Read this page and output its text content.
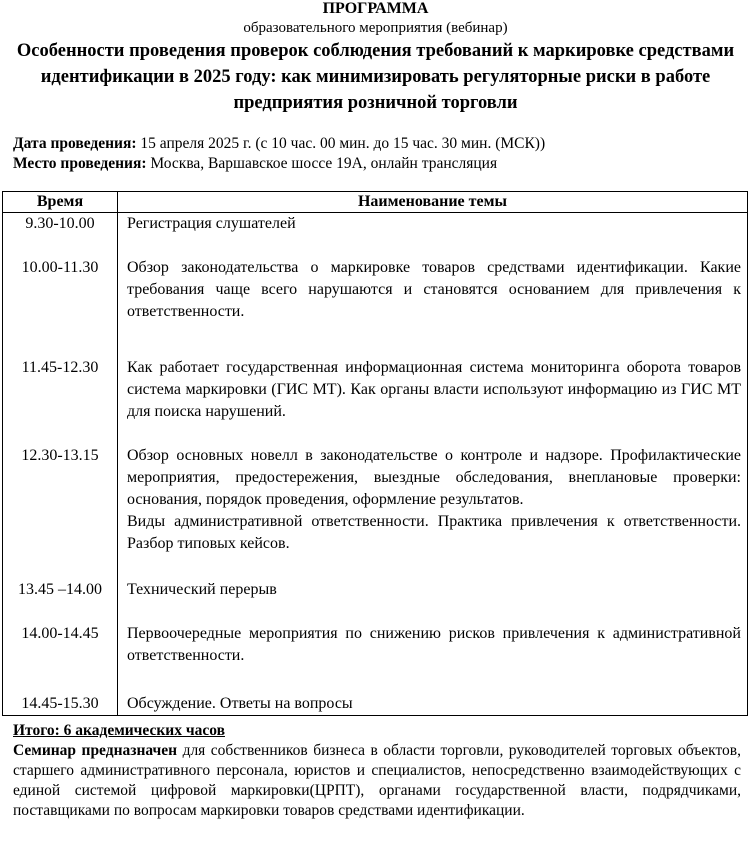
ПРОГРАММА
образовательного мероприятия (вебинар)
Особенности проведения проверок соблюдения требований к маркировке средствами идентификации в 2025 году: как минимизировать регуляторные риски в работе предприятия розничной торговли
Дата проведения: 15 апреля 2025 г. (с 10 час. 00 мин. до 15 час. 30 мин. (МСК))
Место проведения: Москва, Варшавское шоссе 19А, онлайн трансляция
Время	Наименование темы
9.30-10.00	Регистрация слушателей

10.00-11.30	Обзор законодательства о маркировке товаров средствами идентификации. Какие требования чаще всего нарушаются и становятся основанием для привлечения к ответственности.

11.45-12.30	Как работает государственная информационная система мониторинга оборота товаров система маркировки (ГИС МТ). Как органы власти используют информацию из ГИС МТ для поиска нарушений.

12.30-13.15	Обзор основных новелл в законодательстве о контроле и надзоре. Профилактические мероприятия, предостережения, выездные обследования, внеплановые проверки: основания, порядок проведения, оформление результатов.
Виды административной ответственности. Практика привлечения к ответственности. Разбор типовых кейсов.

13.45 –14.00	Технический перерыв

14.00-14.45	Первоочередные мероприятия по снижению рисков привлечения к административной ответственности.

14.45-15.30	Обсуждение. Ответы на вопросы
Итого: 6 академических часов
Семинар предназначен для собственников бизнеса в области торговли, руководителей торговых объектов, старшего административного персонала, юристов и специалистов, непосредственно взаимодействующих с единой системой цифровой маркировки(ЦРПТ), органами государственной власти, подрядчиками, поставщиками по вопросам маркировки товаров средствами идентификации.
